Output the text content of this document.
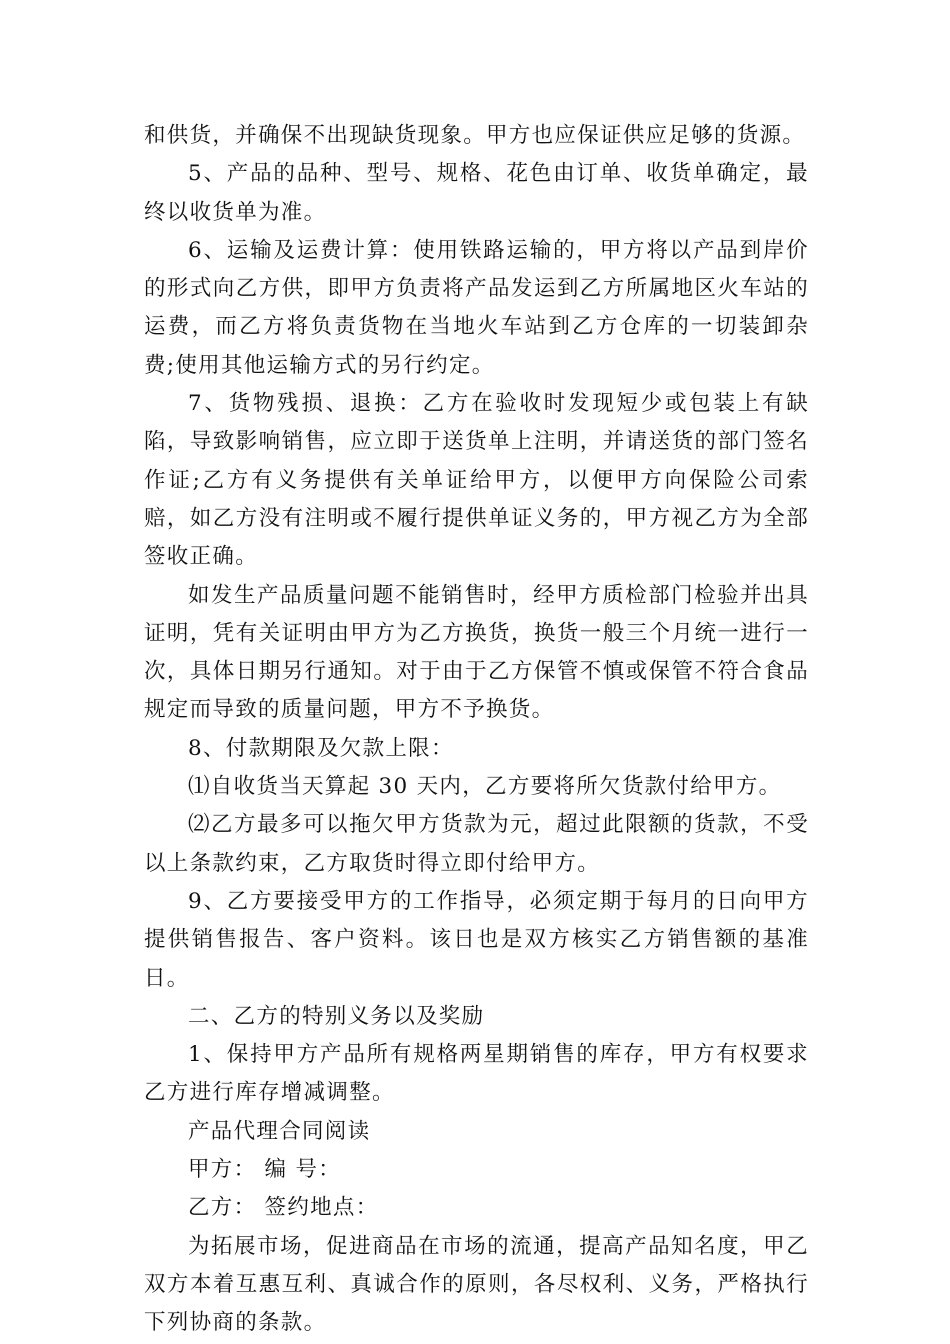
和供货，并确保不出现缺货现象。甲方也应保证供应足够的货源。

5、产品的品种、型号、规格、花色由订单、收货单确定，最终以收货单为准。

6、运输及运费计算：使用铁路运输的，甲方将以产品到岸价的形式向乙方供，即甲方负责将产品发运到乙方所属地区火车站的运费，而乙方将负责货物在当地火车站到乙方仓库的一切装卸杂费;使用其他运输方式的另行约定。

7、货物残损、退换：乙方在验收时发现短少或包装上有缺陷，导致影响销售，应立即于送货单上注明，并请送货的部门签名作证;乙方有义务提供有关单证给甲方，以便甲方向保险公司索赔，如乙方没有注明或不履行提供单证义务的，甲方视乙方为全部签收正确。

如发生产品质量问题不能销售时，经甲方质检部门检验并出具证明，凭有关证明由甲方为乙方换货，换货一般三个月统一进行一次，具体日期另行通知。对于由于乙方保管不慎或保管不符合食品规定而导致的质量问题，甲方不予换货。

8、付款期限及欠款上限：

⑴自收货当天算起 30 天内，乙方要将所欠货款付给甲方。

⑵乙方最多可以拖欠甲方货款为元，超过此限额的货款，不受以上条款约束，乙方取货时得立即付给甲方。

9、乙方要接受甲方的工作指导，必须定期于每月的日向甲方提供销售报告、客户资料。该日也是双方核实乙方销售额的基准日。

二、乙方的特别义务以及奖励

1、保持甲方产品所有规格两星期销售的库存，甲方有权要求乙方进行库存增减调整。

产品代理合同阅读

甲方： 编 号：

乙方： 签约地点：

为拓展市场，促进商品在市场的流通，提高产品知名度，甲乙双方本着互惠互利、真诚合作的原则，各尽权利、义务，严格执行下列协商的条款。
